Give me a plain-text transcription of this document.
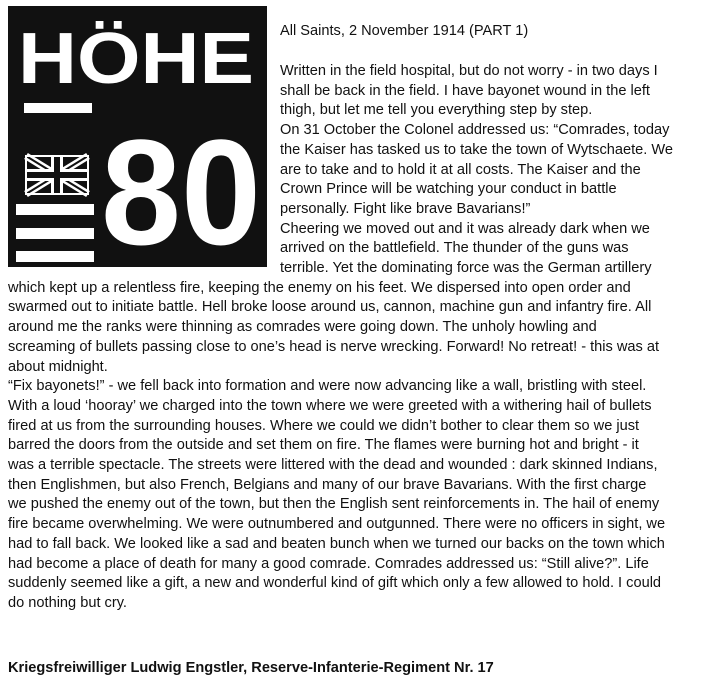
HÖHE
80
All Saints, 2 November 1914 (PART 1)
Written in the field hospital, but do not worry - in two days I
shall be back in the field. I have bayonet wound in the left
thigh, but let me tell you everything step by step.
On 31 October the Colonel addressed us: “Comrades, today
the Kaiser has tasked us to take the town of Wytschaete. We
are to take and to hold it at all costs. The Kaiser and the
Crown Prince will be watching your conduct in battle
personally. Fight like brave Bavarians!”
Cheering we moved out and it was already dark when we
arrived on the battlefield. The thunder of the guns was
terrible. Yet the dominating force was the German artillery
which kept up a relentless fire, keeping the enemy on his feet. We dispersed into open order and
swarmed out to initiate battle. Hell broke loose around us, cannon, machine gun and infantry fire. All
around me the ranks were thinning as comrades were going down. The unholy howling and
screaming of bullets passing close to one’s head is nerve wrecking. Forward! No retreat! - this was at
about midnight.
“Fix bayonets!” - we fell back into formation and were now advancing like a wall, bristling with steel.
With a loud ‘hooray’ we charged into the town where we were greeted with a withering hail of bullets
fired at us from the surrounding houses. Where we could we didn’t bother to clear them so we just
barred the doors from the outside and set them on fire. The flames were burning hot and bright - it
was a terrible spectacle. The streets were littered with the dead and wounded : dark skinned Indians,
then Englishmen, but also French, Belgians and many of our brave Bavarians. With the first charge
we pushed the enemy out of the town, but then the English sent reinforcements in. The hail of enemy
fire became overwhelming. We were outnumbered and outgunned. There were no officers in sight, we
had to fall back. We looked like a sad and beaten bunch when we turned our backs on the town which
had become a place of death for many a good comrade. Comrades addressed us: “Still alive?”. Life
suddenly seemed like a gift, a new and wonderful kind of gift which only a few allowed to hold. I could
do nothing but cry.
Kriegsfreiwilliger Ludwig Engstler, Reserve-Infanterie-Regiment Nr. 17
